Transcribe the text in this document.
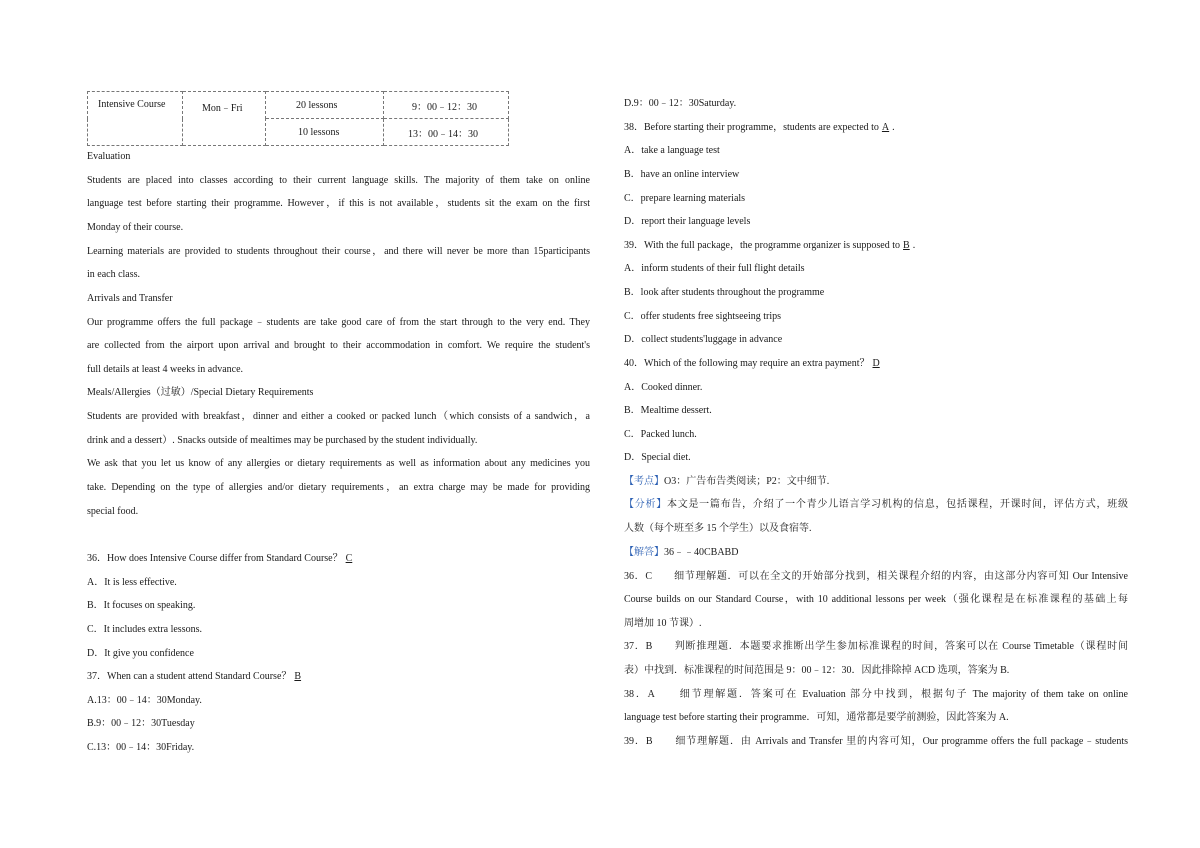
Intensive Course	Mon﹣Fri	20 lessons	9：00﹣12：30

		10 lessons	13：00﹣14：30
Evaluation
Students are placed into classes according to their current language skills. The majority of them take on online
language test before starting their programme. However，if this is not available，students sit the exam on the first
Monday of their course.
Learning materials are provided to students throughout their course，and there will never be more than 15participants
in each class.
Arrivals and Transfer
Our programme offers the full package﹣students are take good care of from the start through to the very end. They
are collected from the airport upon arrival and brought to their accommodation in comfort. We require the student's
full details at least 4 weeks in advance.
Meals/Allergies（过敏）/Special Dietary Requirements
Students are provided with breakfast，dinner and either a cooked or packed lunch（which consists of a sandwich，a
drink and a dessert）. Snacks outside of mealtimes may be purchased by the student individually.
We ask that you let us know of any allergies or dietary requirements as well as information about any medicines you
take. Depending on the type of allergies and/or dietary requirements，an extra charge may be made for providing
special food.
36．How does Intensive Course differ from Standard Course？ C
A．It is less effective.
B．It focuses on speaking.
C．It includes extra lessons.
D．It give you confidence
37．When can a student attend Standard Course？ B
A.13：00﹣14：30Monday.
B.9：00﹣12：30Tuesday
C.13：00﹣14：30Friday.
D.9：00﹣12：30Saturday.
38．Before starting their programme，students are expected to A .
A．take a language test
B．have an online interview
C．prepare learning materials
D．report their language levels
39．With the full package，the programme organizer is supposed to B .
A．inform students of their full flight details
B．look after students throughout the programme
C．offer students free sightseeing trips
D．collect students'luggage in advance
40．Which of the following may require an extra payment？ D
A．Cooked dinner.
B．Mealtime dessert.
C．Packed lunch.
D．Special diet.
【考点】O3：广告布告类阅读；P2：文中细节.
【分析】本文是一篇布告，介绍了一个青少儿语言学习机构的信息，包括课程，开课时间，评估方式，班级
人数（每个班至多 15 个学生）以及食宿等.
【解答】36﹣﹣40CBABD
36．C　　细节理解题．可以在全文的开始部分找到，相关课程介绍的内容，由这部分内容可知 Our Intensive
Course builds on our Standard Course，with 10 additional lessons per week（强化课程是在标准课程的基础上每
周增加 10 节课）.
37．B　　判断推理题．本题要求推断出学生参加标准课程的时间，答案可以在 Course Timetable（课程时间
表）中找到．标准课程的时间范围是 9：00﹣12：30．因此排除掉 ACD 选项，答案为 B.
38．A　　细节理解题．答案可在 Evaluation 部分中找到，根据句子 The majority of them take on online
language test before starting their programme．可知，通常都是要学前测验，因此答案为 A.
39．B　　细节理解题．由 Arrivals and Transfer 里的内容可知，Our programme offers the full package﹣students
